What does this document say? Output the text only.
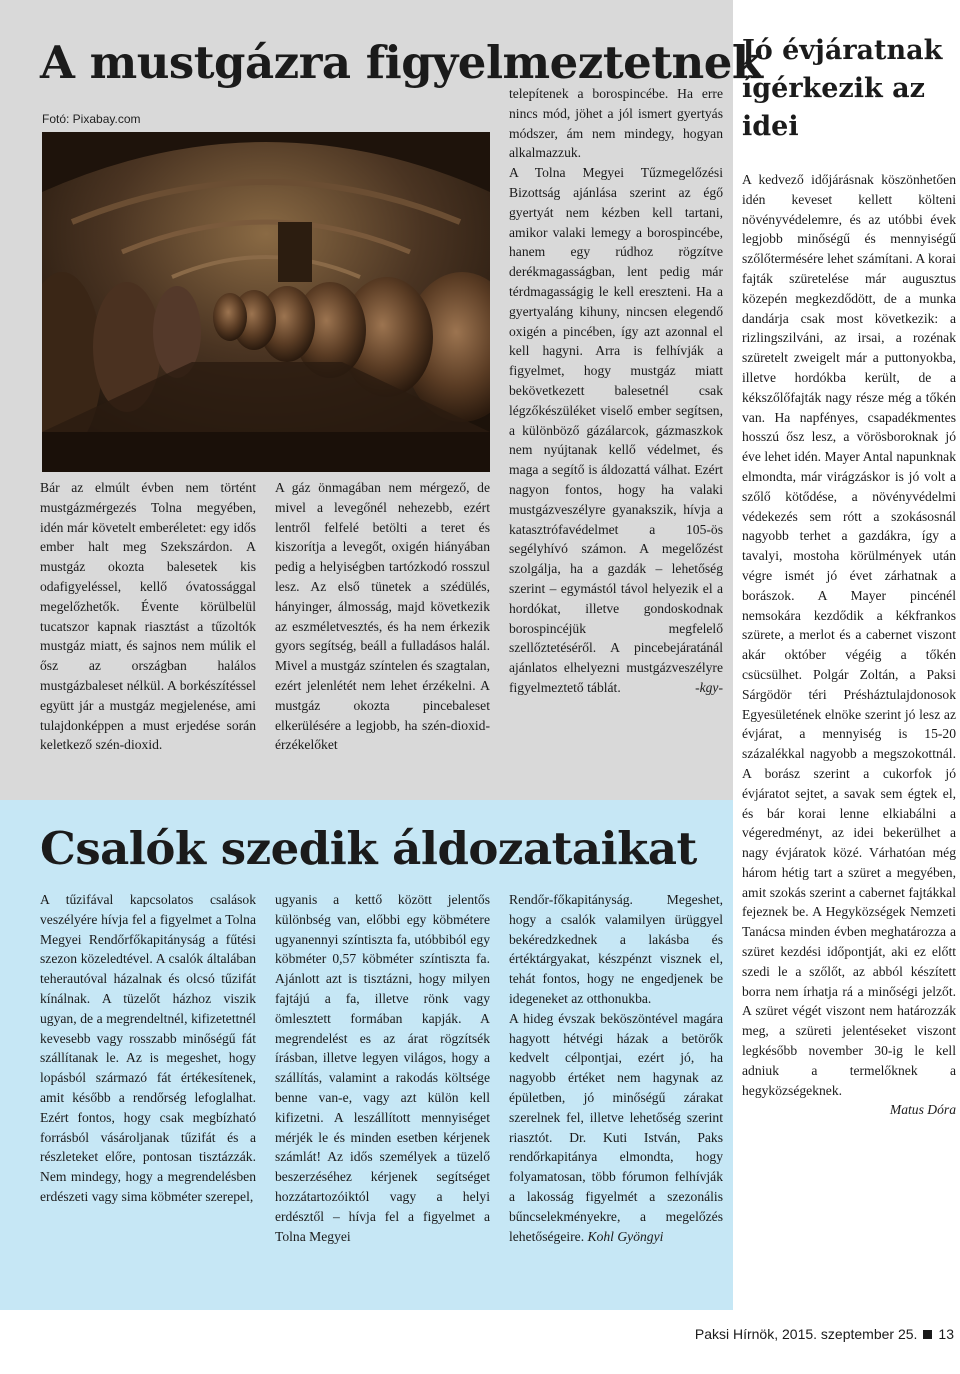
A mustgázra figyelmeztetnek
Fotó: Pixabay.com

Bár az elmúlt évben nem történt mustgázmérgezés Tolna megyében, idén már követelt emberéletet: egy idős ember halt meg Szekszárdon. A mustgáz okozta balesetek kis odafigyeléssel, kellő óvatossággal megelőzhetők. Évente körülbelül tucatszor kapnak riasztást a tűzoltók mustgáz miatt, és sajnos nem múlik el ősz az országban halálos mustgázbaleset nélkül. A borkészítéssel együtt jár a mustgáz megjelenése, ami tulajdonképpen a must erjedése során keletkező szén-dioxid.

A gáz önmagában nem mérgező, de mivel a levegőnél nehezebb, ezért lentről felfelé betölti a teret és kiszorítja a levegőt, oxigén hiányában pedig a helyiségben tartózkodó rosszul lesz. Az első tünetek a szédülés, hányinger, álmosság, majd következik az eszméletvesztés, és ha nem érkezik gyors segítség, beáll a fulladásos halál. Mivel a mustgáz színtelen és szagtalan, ezért jelenlétét nem lehet érzékelni. A mustgáz okozta pincebaleset elkerülésére a legjobb, ha szén-dioxid-érzékelőket

telepítenek a borospincébe. Ha erre nincs mód, jöhet a jól ismert gyertyás módszer, ám nem mindegy, hogyan alkalmazzuk.

A Tolna Megyei Tűzmegelőzési Bizottság ajánlása szerint az égő gyertyát nem kézben kell tartani, amikor valaki lemegy a borospincébe, hanem egy rúdhoz rögzítve derékmagasságban, lent pedig már térdmagasságig le kell ereszteni. Ha a gyertyaláng kihuny, nincsen elegendő oxigén a pincében, így azt azonnal el kell hagyni. Arra is felhívják a figyelmet, hogy mustgáz miatt bekövetkezett balesetnél csak légzőkészüléket viselő ember segítsen, a különböző gázálarcok, gázmaszkok nem nyújtanak kellő védelmet, és maga a segítő is áldozattá válhat. Ezért nagyon fontos, hogy ha valaki mustgázveszélyre gyanakszik, hívja a katasztrófavédelmet a 105-ös segélyhívó számon. A megelőzést szolgálja, ha a gazdák – lehetőség szerint – egymástól távol helyezik el a hordókat, illetve gondoskodnak borospincéjük megfelelő szellőztetéséről. A pincebejáratánál ajánlatos elhelyezni mustgázveszélyre figyelmeztető táblát.	-kgy-

Csalók szedik áldozataikat

A tűzifával kapcsolatos csalások veszélyére hívja fel a figyelmet a Tolna Megyei Rendőrfőkapitányság a fűtési szezon közeledtével. A csalók általában teherautóval házalnak és olcsó tűzifát kínálnak. A tüzelőt házhoz viszik ugyan, de a megrendeltnél, kifizetettnél kevesebb vagy rosszabb minőségű fát szállítanak le. Az is megeshet, hogy lopásból származó fát értékesítenek, amit később a rendőrség lefoglalhat. Ezért fontos, hogy csak megbízható forrásból vásároljanak tűzifát és a részleteket előre, pontosan tisztázzák. Nem mindegy, hogy a megrendelésben erdészeti vagy sima köbméter szerepel,

ugyanis a kettő között jelentős különbség van, előbbi egy köbmétere ugyanennyi színtiszta fa, utóbbiból egy köbméter 0,57 köbméter színtiszta fa. Ajánlott azt is tisztázni, hogy milyen fajtájú a fa, illetve rönk vagy ömlesztett formában kapják. A megrendelést es az árat rögzítsék írásban, illetve legyen világos, hogy a szállítás, valamint a rakodás költsége benne van-e, vagy azt külön kell kifizetni. A leszállított mennyiséget mérjék le és minden esetben kérjenek számlát! Az idős személyek a tüzelő beszerzéséhez kérjenek segítséget hozzátartozóiktól vagy a helyi erdésztől – hívja fel a figyelmet a Tolna Megyei

Rendőr-főkapitányság. Megeshet, hogy a csalók valamilyen ürüggyel bekéredzkednek a lakásba és értéktárgyakat, készpénzt visznek el, tehát fontos, hogy ne engedjenek be idegeneket az otthonukba.

A hideg évszak beköszöntével magára hagyott hétvégi házak a betörők kedvelt célpontjai, ezért jó, ha nagyobb értéket nem hagynak az épületben, jó minőségű zárakat szerelnek fel, illetve lehetőség szerint riasztót. Dr. Kuti István, Paks rendőrkapitánya elmondta, hogy folyamatosan, több fórumon felhívják a lakosság figyelmét a szezonális bűncselekményekre, a megelőzés lehetőségeire. Kohl Gyöngyi

Jó évjáratnak ígérkezik az idei

A kedvező időjárásnak köszönhetően idén keveset kellett költeni növényvédelemre, és az utóbbi évek legjobb minőségű és mennyiségű szőlőtermésére lehet számítani. A korai fajták szüretelése már augusztus közepén megkezdődött, de a munka dandárja csak most következik: a rizlingszilváni, az irsai, a rozénak szüretelt zweigelt már a puttonyokba, illetve hordókba került, de a kékszőlőfajták nagy része még a tőkén van. Ha napfényes, csapadékmentes hosszú ősz lesz, a vörösboroknak jó éve lehet idén. Mayer Antal napunknak elmondta, már virágzáskor is jó volt a szőlő kötődése, a növényvédelmi védekezés sem rótt a szokásosnál nagyobb terhet a gazdákra, így a tavalyi, mostoha körülmények után végre ismét jó évet zárhatnak a borászok. A Mayer pincénél nemsokára kezdődik a kékfrankos szürete, a merlot és a cabernet viszont akár október végéig a tőkén csücsülhet. Polgár Zoltán, a Paksi Sárgödör téri Présháztulajdonosok Egyesületének elnöke szerint jó lesz az évjárat, a mennyiség is 15-20 százalékkal nagyobb a megszokottnál. A borász szerint a cukorfok jó évjáratot sejtet, a savak sem égtek el, és bár korai lenne elkiabálni a végeredményt, az idei bekerülhet a nagy évjáratok közé. Várhatóan még három hétig tart a szüret a megyében, amit szokás szerint a cabernet fajtákkal fejeznek be. A Hegyközségek Nemzeti Tanácsa minden évben meghatározza a szüret kezdési időpontját, aki ez előtt szedi le a szőlőt, az abból készített borra nem írhatja rá a minőségi jelzőt. A szüret végét viszont nem határozzák meg, a szüreti jelentéseket viszont legkésőbb november 30-ig le kell adniuk a termelőknek a hegyközségeknek.

Matus Dóra

Paksi Hírnök, 2015. szeptember 25. 13
